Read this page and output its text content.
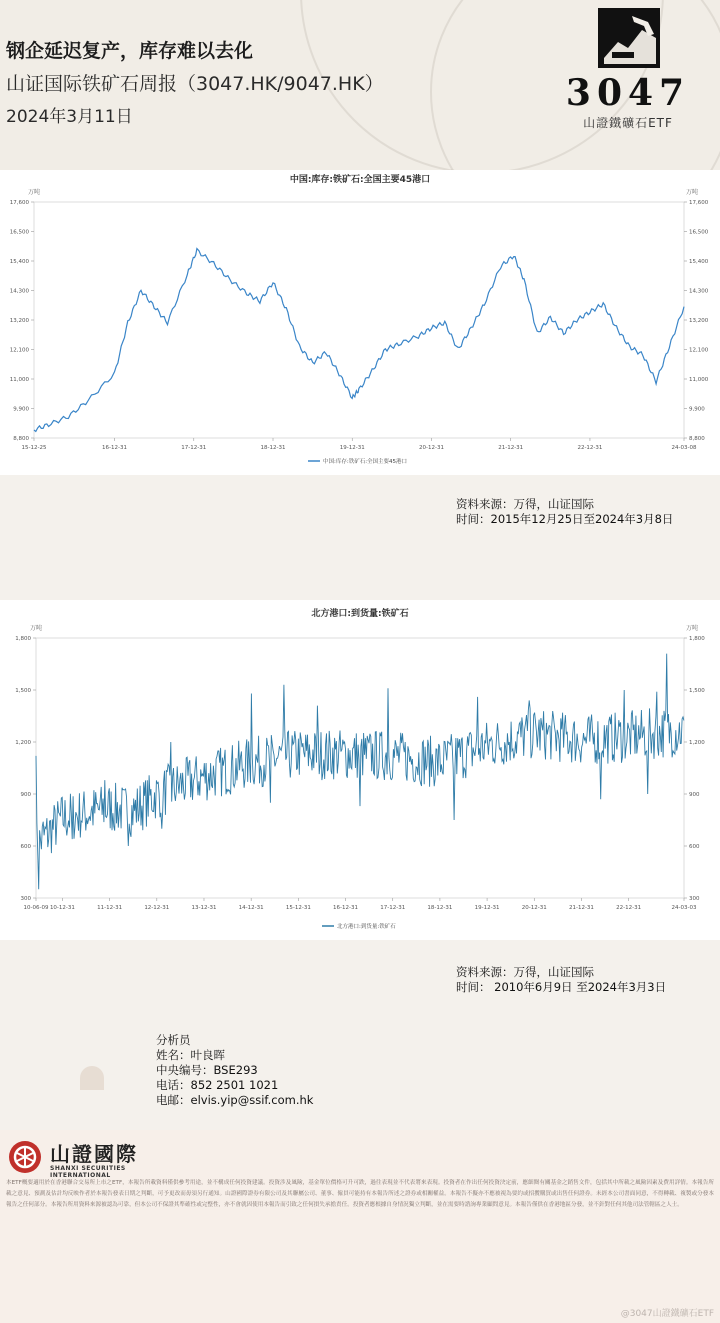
钢企延迟复产，库存难以去化
山证国际铁矿石周报（3047.HK/9047.HK）
2024年3月11日
3047
山證鐵礦石ETF
中国:库存:铁矿石:全国主要45港口
万吨	万吨
8,800	8,800
9,900	9,900
11,000	11,000
12,100	12,100
13,200	13,200
14,300	14,300
15,400	15,400
16,500	16,500
17,600	17,600
15-12-25	16-12-31	17-12-31	18-12-31	19-12-31	20-12-31	21-12-31	22-12-31	24-03-08
中国:库存:铁矿石:全国主要45港口
资料来源：万得，山证国际
时间：2015年12月25日至2024年3月8日
北方港口:到货量:铁矿石
万吨	万吨
300	300
600	600
900	900
1,200	1,200
1,500	1,500
1,800	1,800
10-06-09 10-12-31	11-12-31	12-12-31	13-12-31	14-12-31	15-12-31	16-12-31	17-12-31	18-12-31	19-12-31	20-12-31	21-12-31	22-12-31	24-03-03
北方港口:到货量:铁矿石
资料来源：万得，山证国际
时间： 2010年6月9日 至2024年3月3日
分析员
姓名：叶良晖
中央编号：BSE293
电话：852 2501 1021
电邮：elvis.yip@ssif.com.hk
山證國際
SHANXI SECURITIES INTERNATIONAL
本ETF概要適用於在香港聯合交易所上市之ETF，本報告所載資料僅供參考用途，並不構成任何投資建議。投資涉及風險，基金單位價格可升可跌，過往表現並不代表將來表現。投資者在作出任何投資決定前，應細閱有關基金之銷售文件，包括其中所載之風險因素及費用詳情。本報告所載之意見、預測及估計均反映作者於本報告發表日期之判斷，可予更改而毋須另行通知。山證國際證券有限公司及其聯屬公司、董事、僱員可能持有本報告所述之證券或相關權益。本報告不擬亦不應被視為要約或招攬購買或出售任何證券。未經本公司書面同意，不得轉載、複製或分發本報告之任何部分。本報告所用資料來源被認為可靠，但本公司不保證其準確性或完整性，亦不會就因使用本報告而引致之任何損失承擔責任。投資者應根據自身情況獨立判斷，並在需要時諮詢專業顧問意見。本報告僅供在香港地區分發，並不針對任何其他司法管轄區之人士。
@3047山證鐵礦石ETF
